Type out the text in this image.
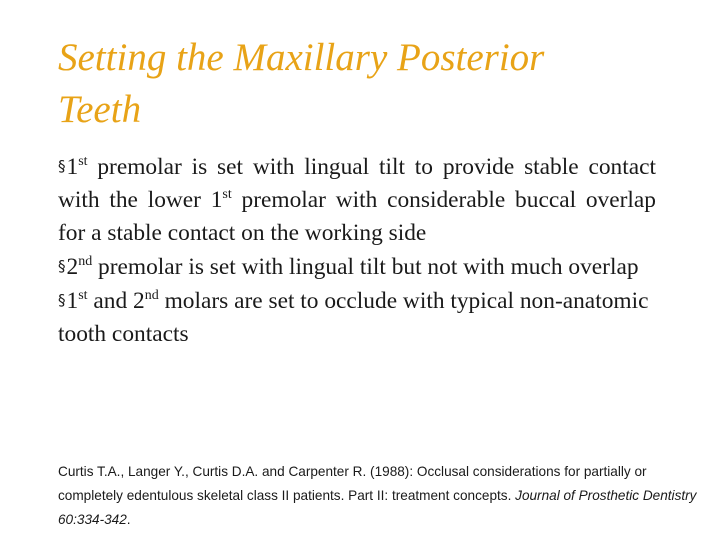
Setting the Maxillary Posterior
Teeth

§1st premolar is set with lingual tilt to provide stable contact with the lower 1st premolar with considerable buccal overlap for a stable contact on the working side

§2nd premolar is set with lingual tilt but not with much overlap

§1st and 2nd molars are set to occlude with typical non-anatomic tooth contacts

Curtis T.A., Langer Y., Curtis D.A. and Carpenter R. (1988): Occlusal considerations for partially or completely edentulous skeletal class II patients. Part II: treatment concepts. Journal of Prosthetic Dentistry 60:334-342.
